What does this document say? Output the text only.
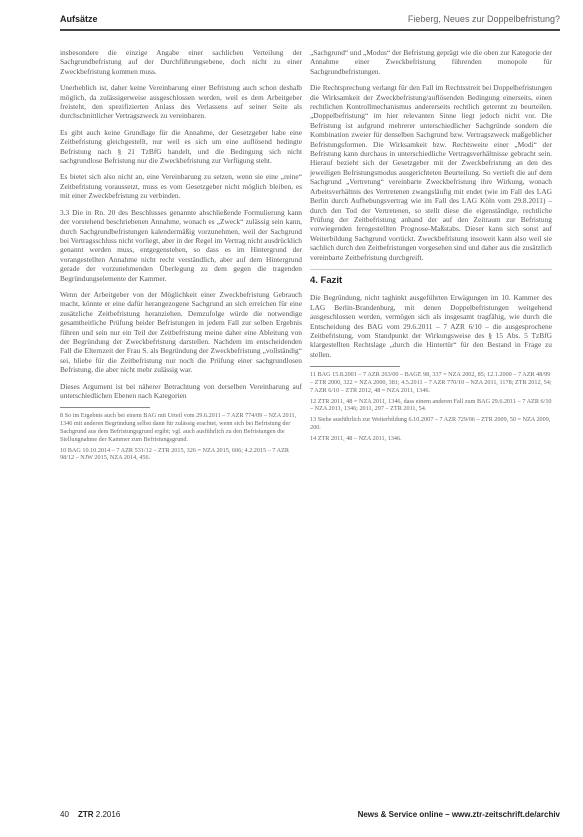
Aufsätze	Fieberg, Neues zur Doppelbefristung?

insbesondere die einzige Angabe einer sachlichen Verteilung der Sachgrundbefristung auf der Durchführungsebene, doch nicht zu einer Zweckbefristung kommen muss.

Unerheblich ist, daher keine Vereinbarung einer Befristung auch schon deshalb möglich, da zulässigerweise ausgeschlossen werden, weil es dem Arbeitgeber freisteht, den spezifizierten Anlass des Verlassens auf seiner Seite als durchschnittlicher Vertragszweck zu vereinbaren.

Es gibt auch keine Grundlage für die Annahme, der Gesetzgeber habe eine Zeitbefristung gleichgestellt, nur weil es sich um eine auflösend bedingte Befristung nach § 21 TzBfG handelt, und die Bedingung sich nicht sachgrundlose Befristung nur die Zweckbefristung zur Verfügung steht.

Es bietet sich also nicht an, eine Vereinbarung zu setzen, wenn sie eine „reine“ Zeitbefristung voraussetzt, muss es vom Gesetzgeber nicht möglich bleiben, es mit einer Zweckbefristung zu verbinden.

3.3 Die in Rn. 20 des Beschlusses genannte abschließende Formulierung kann der vorstehend beschriebenen Annahme, wonach es „Zweck“ zulässig sein kann, durch Sachgrundbefristungen kalendermäßig vorzunehmen, weil der Sachgrund bei Vertragsschluss nicht vorliegt, aber in der Regel im Vertrag nicht ausdrücklich genannt werden muss, entgegenstehen, so dass es im Hintergrund der vorangestellten Annahme nicht recht verständlich, aber auf dem Hintergrund gerade der vorzunehmenden Überlegung zu dem gegen die tragenden Begründungselemente der Kammer.

Wenn der Arbeitgeber von der Möglichkeit einer Zweckbefristung Gebrauch macht, könnte er eine dafür herangezogene Sachgrund an sich erreichen für eine zusätzliche Zeitbefristung heranziehen. Demzufolge würde die notwendige gesamtheitliche Prüfung beider Befristungen in jedem Fall zur selben Ergebnis führen und sein nur ein Teil der Zeitbefristung meine daher eine Ableitung von der Begründung der Zweckbefristung darstellen. Nachdem im entscheidenden Fall die Elternzeit der Frau S. als Begründung der Zweckbefristung „vollständig“ sei, bliebe für die Zeitbefristung nur noch die Prüfung einer sachgrundlosen Befristung, die aber nicht mehr zulässig war.

Dieses Argument ist bei näherer Betrachtung von derselben Vereinbarung auf unterschiedlichen Ebenen nach Kategorien

8 So im Ergebnis auch bei einem BAG mit Urteil vom 29.6.2011 – 7 AZR 774/09 – NZA 2011, 1346 mit anderen Begründung selbst dann für zulässig erachtet, wenn sich bei Befristung der Sachgrund aus dem Befristungsgrund ergibt; vgl. auch ausführlich zu den Befristungen die Stellungnahme der Kammer zum Befristungsgrund.
10 BAG 10.10.2014 – 7 AZR 531/12 – ZTR 2015, 326 = NZA 2015, 606; 4.2.2015 – 7 AZR 98/12 – NJW 2015, NZA 2014, 456.

„Sachgrund“ und „Modus“ der Befristung geprägt wie die oben zur Kategorie der Annahme einer Zweckbefristung führenden monopole für Sachgrundbefristungen.

Die Rechtsprechung verlangt für den Fall im Rechtsstreit bei Doppelbefristungen die Wirksamkeit der Zweckbefristung/auflösenden Bedingung einerseits, einen rechtlichen Kontrollmechanismus andererseits rechtlich getrennt zu beurteilen. „Doppelbefristung“ im hier relevanten Sinne liegt jedoch nicht vor. Die Befristung ist aufgrund mehrerer unterschiedlicher Sachgründe sondern die Kombination zweier für denselben Sachgrund bzw. Vertragszweck maßgeblicher Befristungsformen. Die Wirksamkeit bzw. Rechtsweite einer „Modi“ der Befristung kann durchaus in unterschiedliche Vertragsverhältnisse gebracht sein. Hierauf bezieht sich der Gesetzgeber mit der Zweckbefristung an den des jeweiligen Befristungsmodus ausgerichteten Beurteilung. So vertieft die auf dem Sachgrund „Vertretung“ vereinbarte Zweckbefristung ihre Wirkung, wonach Arbeitsverhältnis des Vertretenen zwangsläufig mit endet (wie im Fall des LAG Berlin durch Aufhebungsvertrag wie im Fall des LAG Köln vom 29.8.2011) – durch den Tod der Vertretenen, so stellt diese die eigenständige, rechtliche Prüfung der Zeitbefristung anhand der auf den Zeitraum zur Befristung vorwiegenden ferngestellten Prognose-Maßstabs. Dieser kann sich sonst auf Weiterbildung Sachgrund vorrückt. Zweckbefristung insoweit kann also weil sie sachlich durch den Zeitbefristungen vorgesehen sind und daher aus die zusätzlich vereinbarte Zeitbefristung durchgreift.

4. Fazit

Die Begründung, nicht taghinkt ausgeführten Erwägungen im 10. Kammer des LAG Berlin-Brandenburg, mit denen Doppelbefristungen weitgehend ausgeschlossen werden, vermögen sich als insgesamt tragfähig, wie durch die Entscheidung des BAG vom 29.6.2011 – 7 AZR 6/10 – die ausgesprochene Zeitbefristung, vom Standpunkt der Wirkungsweise des § 15 Abs. 5 TzBfG klargestellten Rechtslage „durch die Hintertür“ für den Bestand in Frage zu stellen.

11 BAG 15.8.2001 – 7 AZR 263/00 – BAGE 98, 337 = NZA 2002, 85; 12.1.2000 – 7 AZR 48/99 – ZTR 2000, 322 = NZA 2000, 381; 4.5.2011 – 7 AZR 770/10 – NZA 2011, 1178; ZTR 2012, 54; 7 AZR 6/10 – ZTR 2012, 48 = NZA 2011, 1346.
12 ZTR 2011, 48 = NZA 2011, 1346, dass einem anderen Fall zum BAG 29.6.2011 – 7 AZR 6/10 – NZA 2011, 1346; 2011, 297 – ZTR 2011, 54.
13 Siehe ausführlich zur Weiterbildung 6.10.2007 – 7 AZR 729/06 – ZTR 2009, 50 = NZA 2009, 200.
14 ZTR 2011, 48 – NZA 2011, 1346.
40 ZTR 2.2016	News & Service online – www.ztr-zeitschrift.de/archiv
